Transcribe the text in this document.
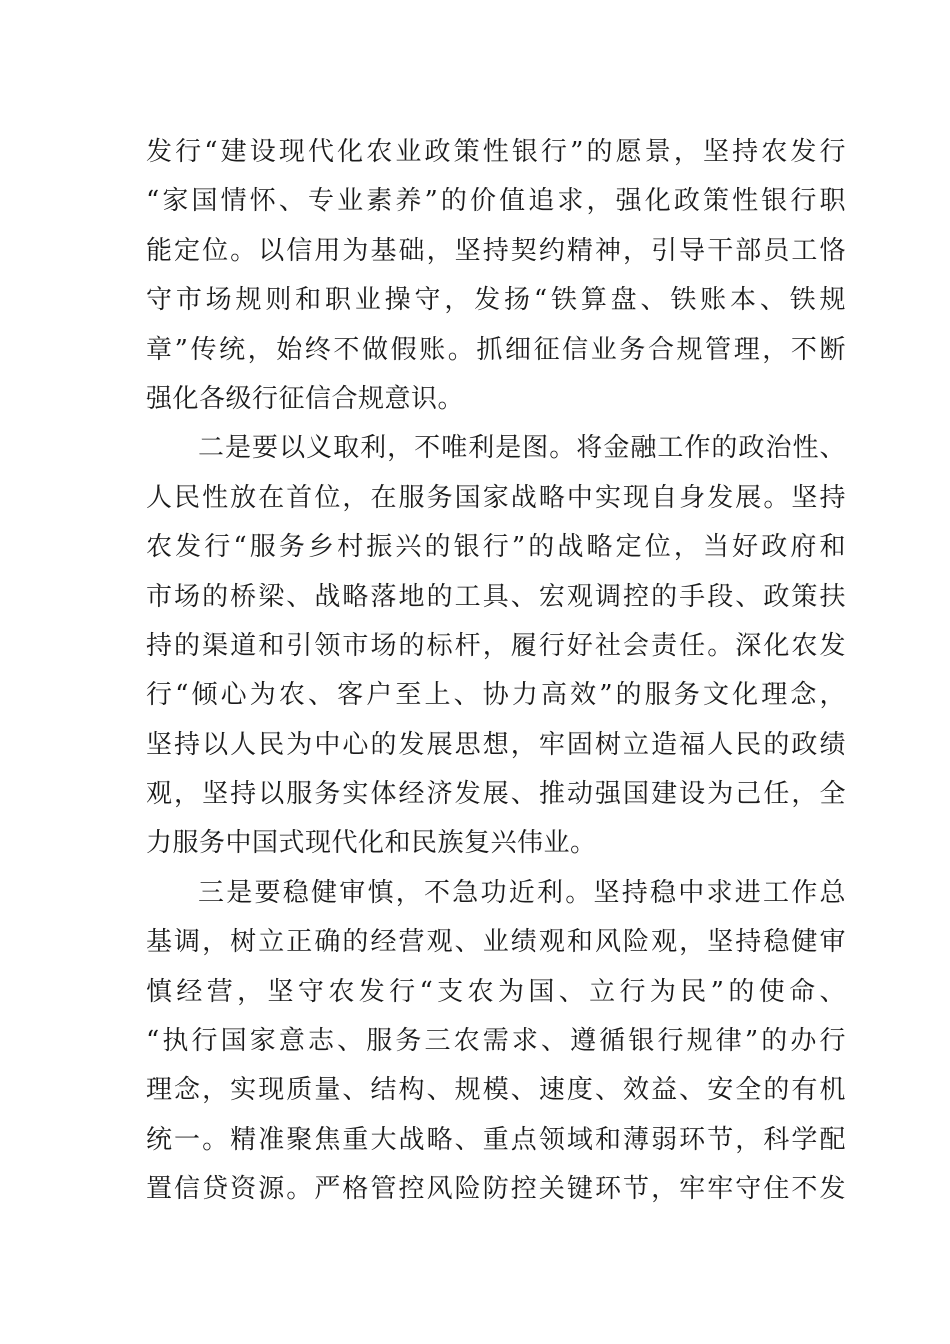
发行“建设现代化农业政策性银行”的愿景，坚持农发行
“家国情怀、专业素养”的价值追求，强化政策性银行职
能定位。以信用为基础，坚持契约精神，引导干部员工恪
守市场规则和职业操守，发扬“铁算盘、铁账本、铁规
章”传统，始终不做假账。抓细征信业务合规管理，不断
强化各级行征信合规意识。
二是要以义取利，不唯利是图。将金融工作的政治性、
人民性放在首位，在服务国家战略中实现自身发展。坚持
农发行“服务乡村振兴的银行”的战略定位，当好政府和
市场的桥梁、战略落地的工具、宏观调控的手段、政策扶
持的渠道和引领市场的标杆，履行好社会责任。深化农发
行“倾心为农、客户至上、协力高效”的服务文化理念，
坚持以人民为中心的发展思想，牢固树立造福人民的政绩
观，坚持以服务实体经济发展、推动强国建设为己任，全
力服务中国式现代化和民族复兴伟业。
三是要稳健审慎，不急功近利。坚持稳中求进工作总
基调，树立正确的经营观、业绩观和风险观，坚持稳健审
慎经营，坚守农发行“支农为国、立行为民”的使命、
“执行国家意志、服务三农需求、遵循银行规律”的办行
理念，实现质量、结构、规模、速度、效益、安全的有机
统一。精准聚焦重大战略、重点领域和薄弱环节，科学配
置信贷资源。严格管控风险防控关键环节，牢牢守住不发
